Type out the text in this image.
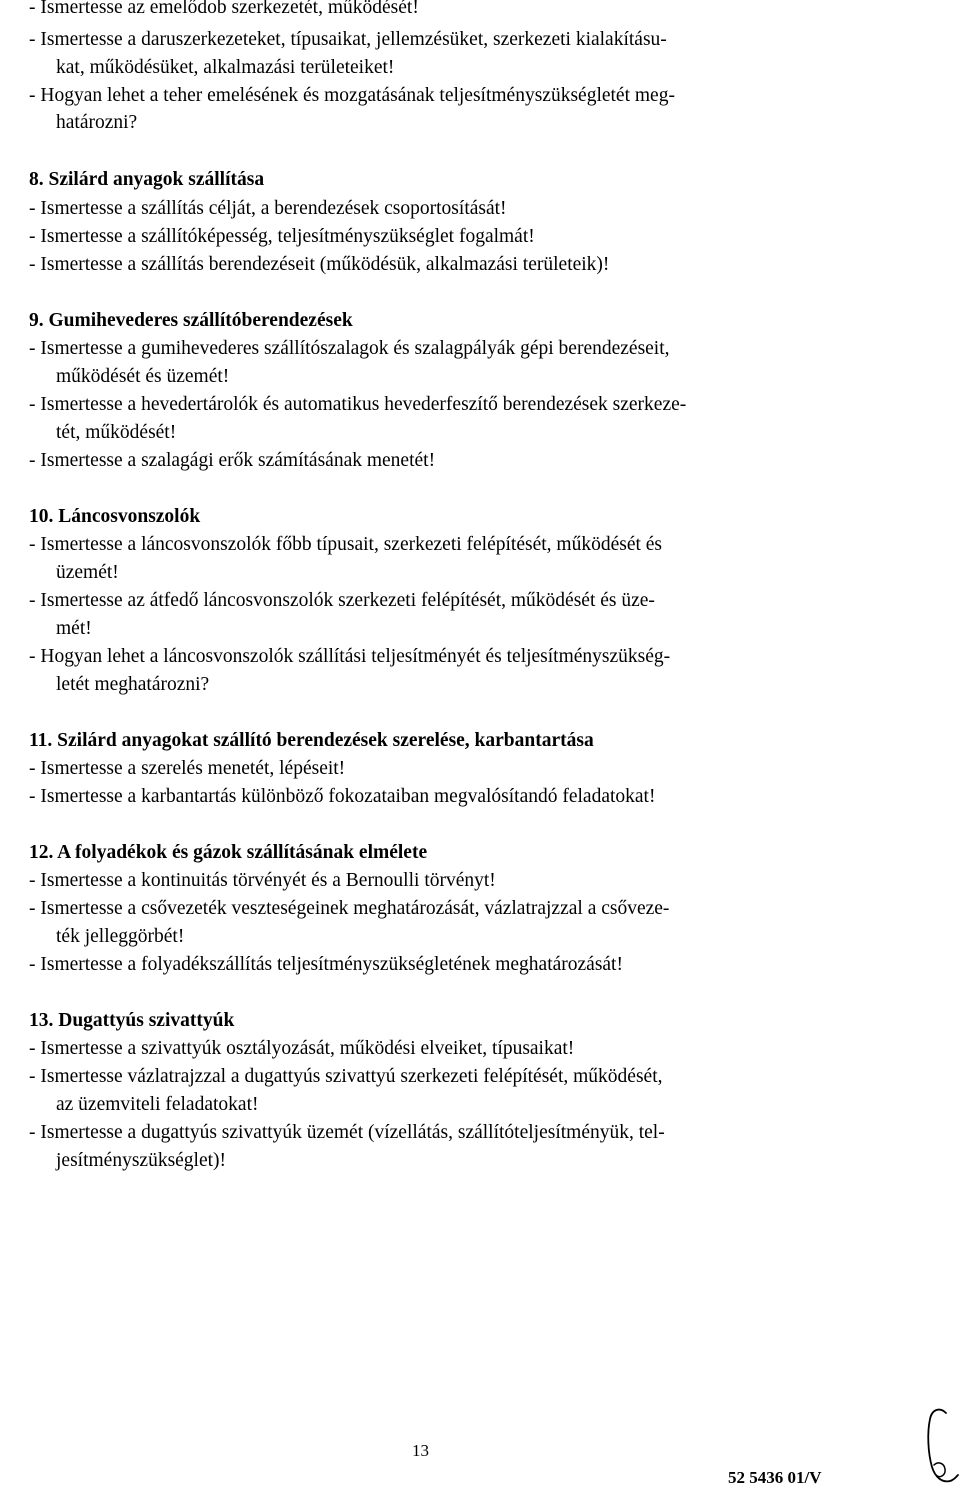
- Ismertesse az emelődob szerkezetét, működését!
- Ismertesse a daruszerkezeteket, típusaikat, jellemzésüket, szerkezeti kialakításu-
kat, működésüket, alkalmazási területeiket!
- Hogyan lehet a teher emelésének és mozgatásának teljesítményszükségletét meg-
határozni?
8. Szilárd anyagok szállítása
- Ismertesse a szállítás célját, a berendezések csoportosítását!
- Ismertesse a szállítóképesség, teljesítményszükséglet fogalmát!
- Ismertesse a szállítás berendezéseit (működésük, alkalmazási területeik)!
9. Gumihevederes szállítóberendezések
- Ismertesse a gumihevederes szállítószalagok és szalagpályák gépi berendezéseit,
működését és üzemét!
- Ismertesse a hevedertárolók és automatikus hevederfeszítő berendezések szerkeze-
tét, működését!
- Ismertesse a szalagági erők számításának menetét!
10. Láncosvonszolók
- Ismertesse a láncosvonszolók főbb típusait, szerkezeti felépítését, működését és
üzemét!
- Ismertesse az átfedő láncosvonszolók szerkezeti felépítését, működését és üze-
mét!
- Hogyan lehet a láncosvonszolók szállítási teljesítményét és teljesítményszükség-
letét meghatározni?
11. Szilárd anyagokat szállító berendezések szerelése, karbantartása
- Ismertesse a szerelés menetét, lépéseit!
- Ismertesse a karbantartás különböző fokozataiban megvalósítandó feladatokat!
12. A folyadékok és gázok szállításának elmélete
- Ismertesse a kontinuitás törvényét és a Bernoulli törvényt!
- Ismertesse a csővezeték veszteségeinek meghatározását, vázlatrajzzal a csőveze-
ték jelleggörbét!
- Ismertesse a folyadékszállítás teljesítményszükségletének meghatározását!
13. Dugattyús szivattyúk
- Ismertesse a szivattyúk osztályozását, működési elveiket, típusaikat!
- Ismertesse vázlatrajzzal a dugattyús szivattyú szerkezeti felépítését, működését,
az üzemviteli feladatokat!
- Ismertesse a dugattyús szivattyúk üzemét (vízellátás, szállítóteljesítményük, tel-
jesítményszükséglet)!
13
52 5436 01/V
